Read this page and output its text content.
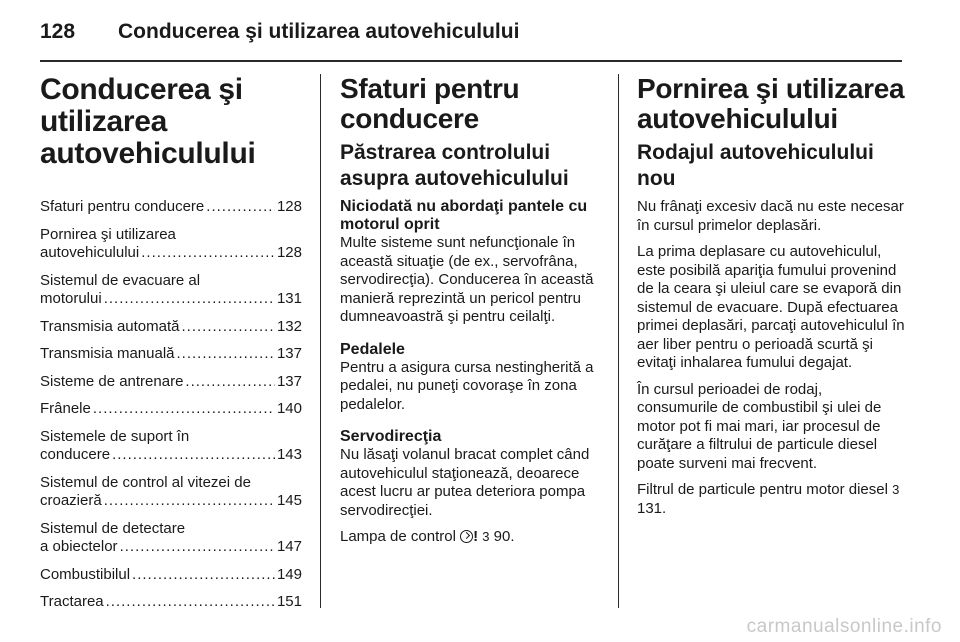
128	Conducerea şi utilizarea autovehiculului
Conducerea şi
utilizarea
autovehiculului
Sfaturi pentru conducere .....	128
Pornirea şi utilizarea
autovehiculului .....	128
Sistemul de evacuare al
motorului .....	131
Transmisia automată .....	132
Transmisia manuală .....	137
Sisteme de antrenare .....	137
Frânele .....	140
Sistemele de suport în
conducere .....	143
Sistemul de control al vitezei de
croazieră .....	145
Sistemul de detectare
a obiectelor .....	147
Combustibilul .....	149
Tractarea .....	151
Sfaturi pentru
conducere
Păstrarea controlului
asupra autovehiculului
Niciodată nu abordaţi pantele cu motorul oprit

Multe sisteme sunt nefuncţionale în această situaţie (de ex., servofrâna, servodirecţia). Conducerea în această manieră reprezintă un pericol pentru dumneavoastră şi pentru ceilalţi.

Pedalele

Pentru a asigura cursa nestingherită a pedalei, nu puneţi covoraşe în zona pedalelor.

Servodirecţia

Nu lăsaţi volanul bracat complet când autovehiculul staţionează, deoarece acest lucru ar putea deteriora pompa servodirecţiei.

Lampa de control ! 3 90.

Pornirea şi utilizarea
autovehiculului
Rodajul autovehiculului
nou

Nu frânaţi excesiv dacă nu este necesar în cursul primelor deplasări.

La prima deplasare cu autovehiculul, este posibilă apariţia fumului provenind de la ceara şi uleiul care se evaporă din sistemul de evacuare. După efectuarea primei deplasări, parcaţi autovehiculul în aer liber pentru o perioadă scurtă şi evitaţi inhalarea fumului degajat.

În cursul perioadei de rodaj, consumurile de combustibil şi ulei de motor pot fi mai mari, iar procesul de curăţare a filtrului de particule diesel poate surveni mai frecvent.

Filtrul de particule pentru motor diesel 3 131.

carmanualsonline.info
